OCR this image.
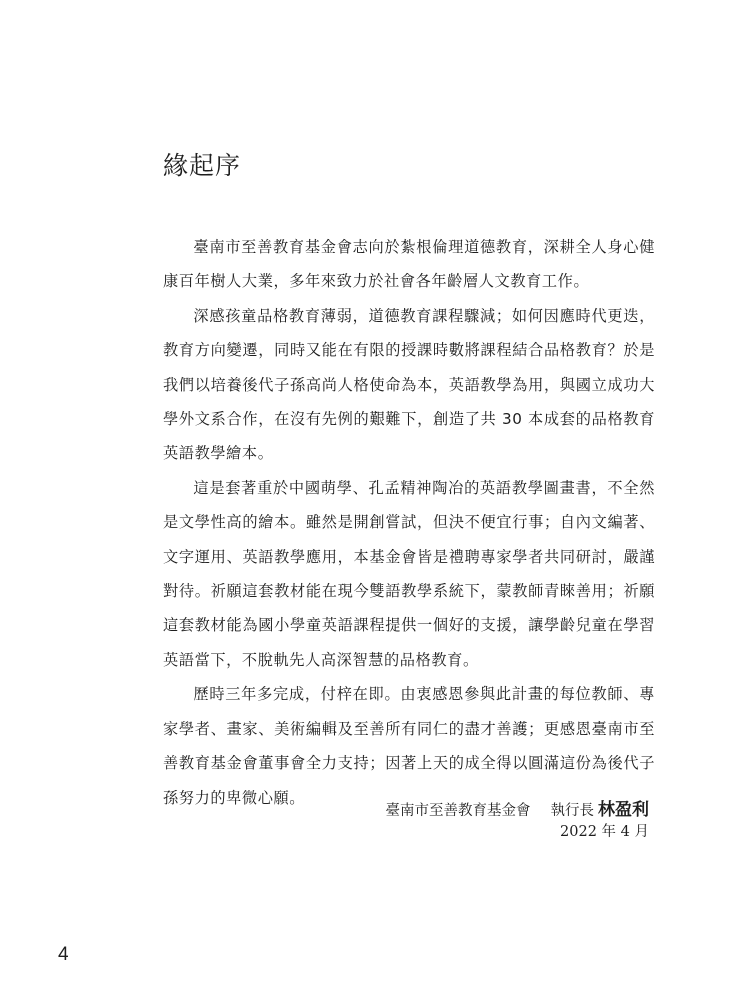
緣起序

臺南市至善教育基金會志向於紮根倫理道德教育，深耕全人身心健康百年樹人大業，多年來致力於社會各年齡層人文教育工作。

深感孩童品格教育薄弱，道德教育課程驟減；如何因應時代更迭，教育方向變遷，同時又能在有限的授課時數將課程結合品格教育？於是我們以培養後代子孫高尚人格使命為本，英語教學為用，與國立成功大學外文系合作，在沒有先例的艱難下，創造了共 30 本成套的品格教育英語教學繪本。

這是套著重於中國萌學、孔孟精神陶冶的英語教學圖畫書，不全然是文學性高的繪本。雖然是開創嘗試，但決不便宜行事；自內文編著、文字運用、英語教學應用，本基金會皆是禮聘專家學者共同研討，嚴謹對待。祈願這套教材能在現今雙語教學系統下，蒙教師青睞善用；祈願這套教材能為國小學童英語課程提供一個好的支援，讓學齡兒童在學習英語當下，不脫軌先人高深智慧的品格教育。

歷時三年多完成，付梓在即。由衷感恩參與此計畫的每位教師、專家學者、畫家、美術編輯及至善所有同仁的盡才善護；更感恩臺南市至善教育基金會董事會全力支持；因著上天的成全得以圓滿這份為後代子孫努力的卑微心願。

臺南市至善教育基金會 執行長 林盈利
2022 年 4 月
4
